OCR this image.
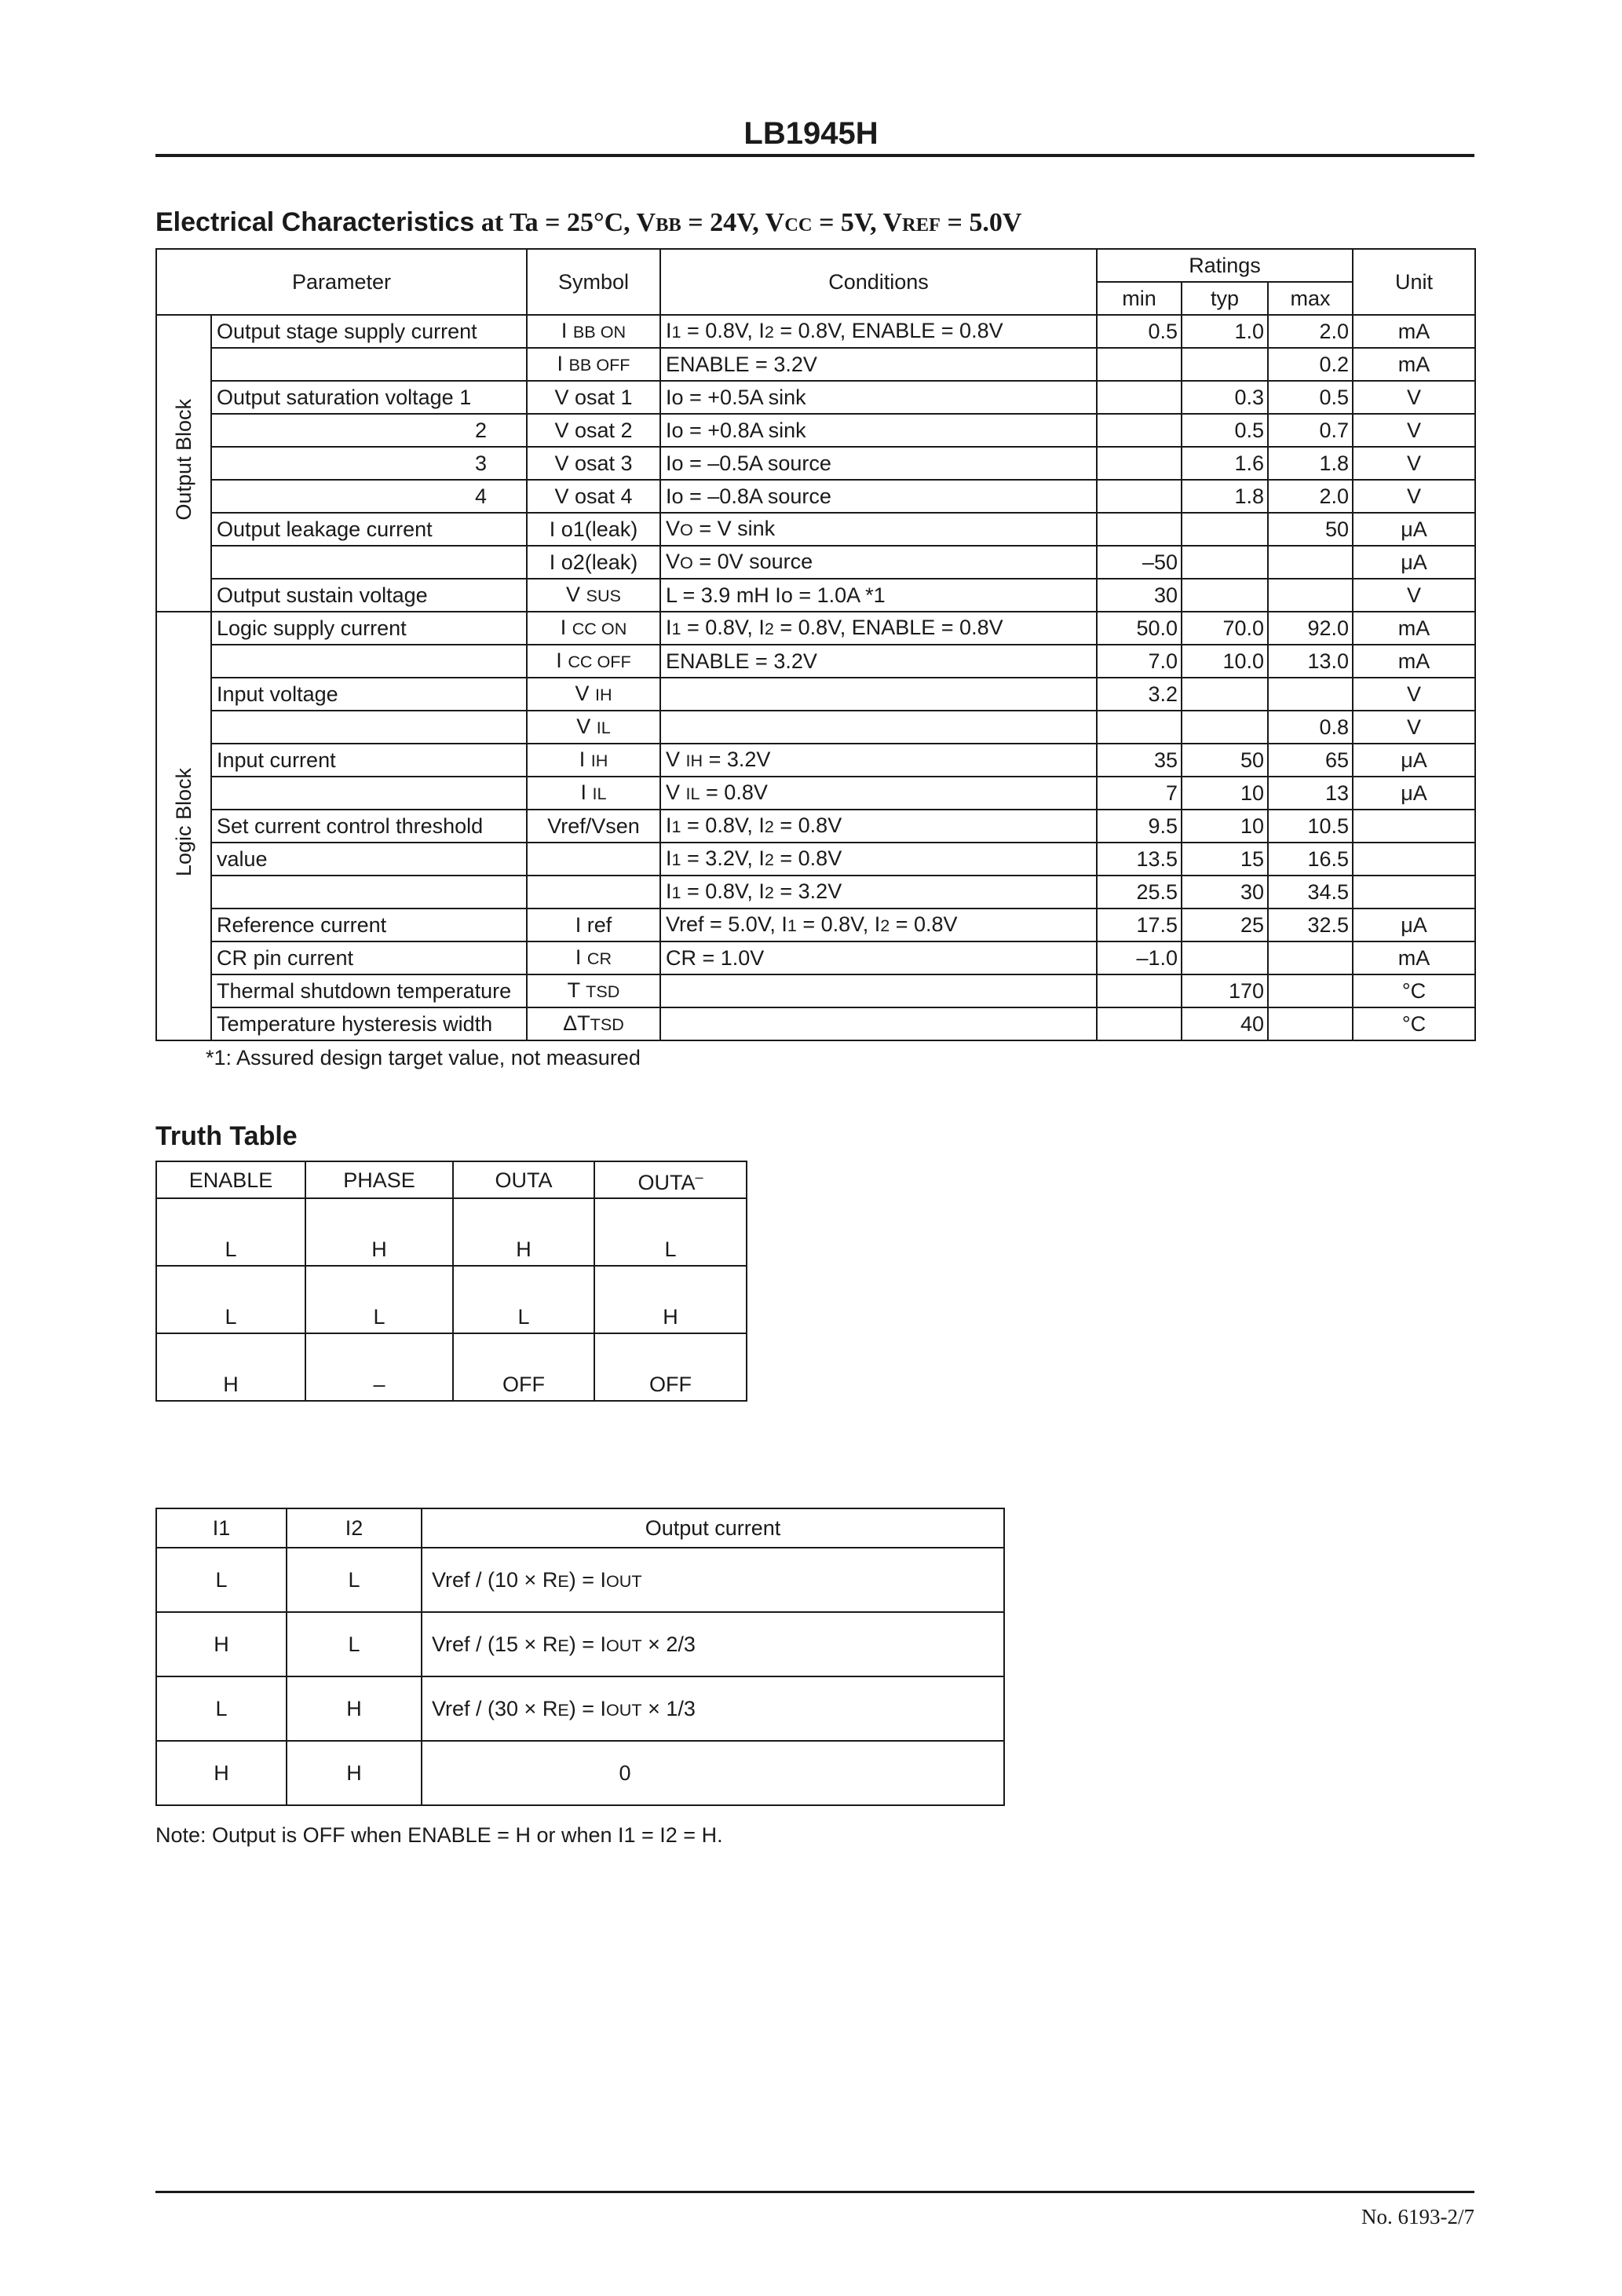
LB1945H
Electrical Characteristics at Ta = 25°C, VBB = 24V, VCC = 5V, VREF = 5.0V
Parameter		Symbol	Conditions	Ratings			Unit
				min	typ	max	
Output Block	Output stage supply current	I BB ON	I1 = 0.8V, I2 = 0.8V, ENABLE = 0.8V	0.5	1.0	2.0	mA
		I BB OFF	ENABLE = 3.2V			0.2	mA
	Output saturation voltage 1	V osat 1	Io = +0.5A sink		0.3	0.5	V
	2	V osat 2	Io = +0.8A sink		0.5	0.7	V
	3	V osat 3	Io = –0.5A source		1.6	1.8	V
	4	V osat 4	Io = –0.8A source		1.8	2.0	V
	Output leakage current	I o1(leak)	VO = V sink			50	μA
		I o2(leak)	VO = 0V source	–50			μA
	Output sustain voltage	V SUS	L = 3.9 mH Io = 1.0A *1	30			V
Logic Block	Logic supply current	I CC ON	I1 = 0.8V, I2 = 0.8V, ENABLE = 0.8V	50.0	70.0	92.0	mA
		I CC OFF	ENABLE = 3.2V	7.0	10.0	13.0	mA
	Input voltage	V IH		3.2			V
		V IL				0.8	V
	Input current	I IH	V IH = 3.2V	35	50	65	μA
		I IL	V IL = 0.8V	7	10	13	μA
	Set current control threshold	Vref/Vsen	I1 = 0.8V, I2 = 0.8V	9.5	10	10.5	
	value		I1 = 3.2V, I2 = 0.8V	13.5	15	16.5	
			I1 = 0.8V, I2 = 3.2V	25.5	30	34.5	
	Reference current	I ref	Vref = 5.0V, I1 = 0.8V, I2 = 0.8V	17.5	25	32.5	μA
	CR pin current	I CR	CR = 1.0V	–1.0			mA
	Thermal shutdown temperature	T TSD			170		°C
	Temperature hysteresis width	ΔTTSD			40		°C
*1: Assured design target value, not measured
Truth Table
ENABLE	PHASE	OUTA	OUTA–
L	H	H	L
L	L	L	H
H	–	OFF	OFF
I1	I2	Output current
L	L	Vref / (10 × RE) = IOUT
H	L	Vref / (15 × RE) = IOUT × 2/3
L	H	Vref / (30 × RE) = IOUT × 1/3
H	H	0
Note: Output is OFF when ENABLE = H or when I1 = I2 = H.
No. 6193-2/7
